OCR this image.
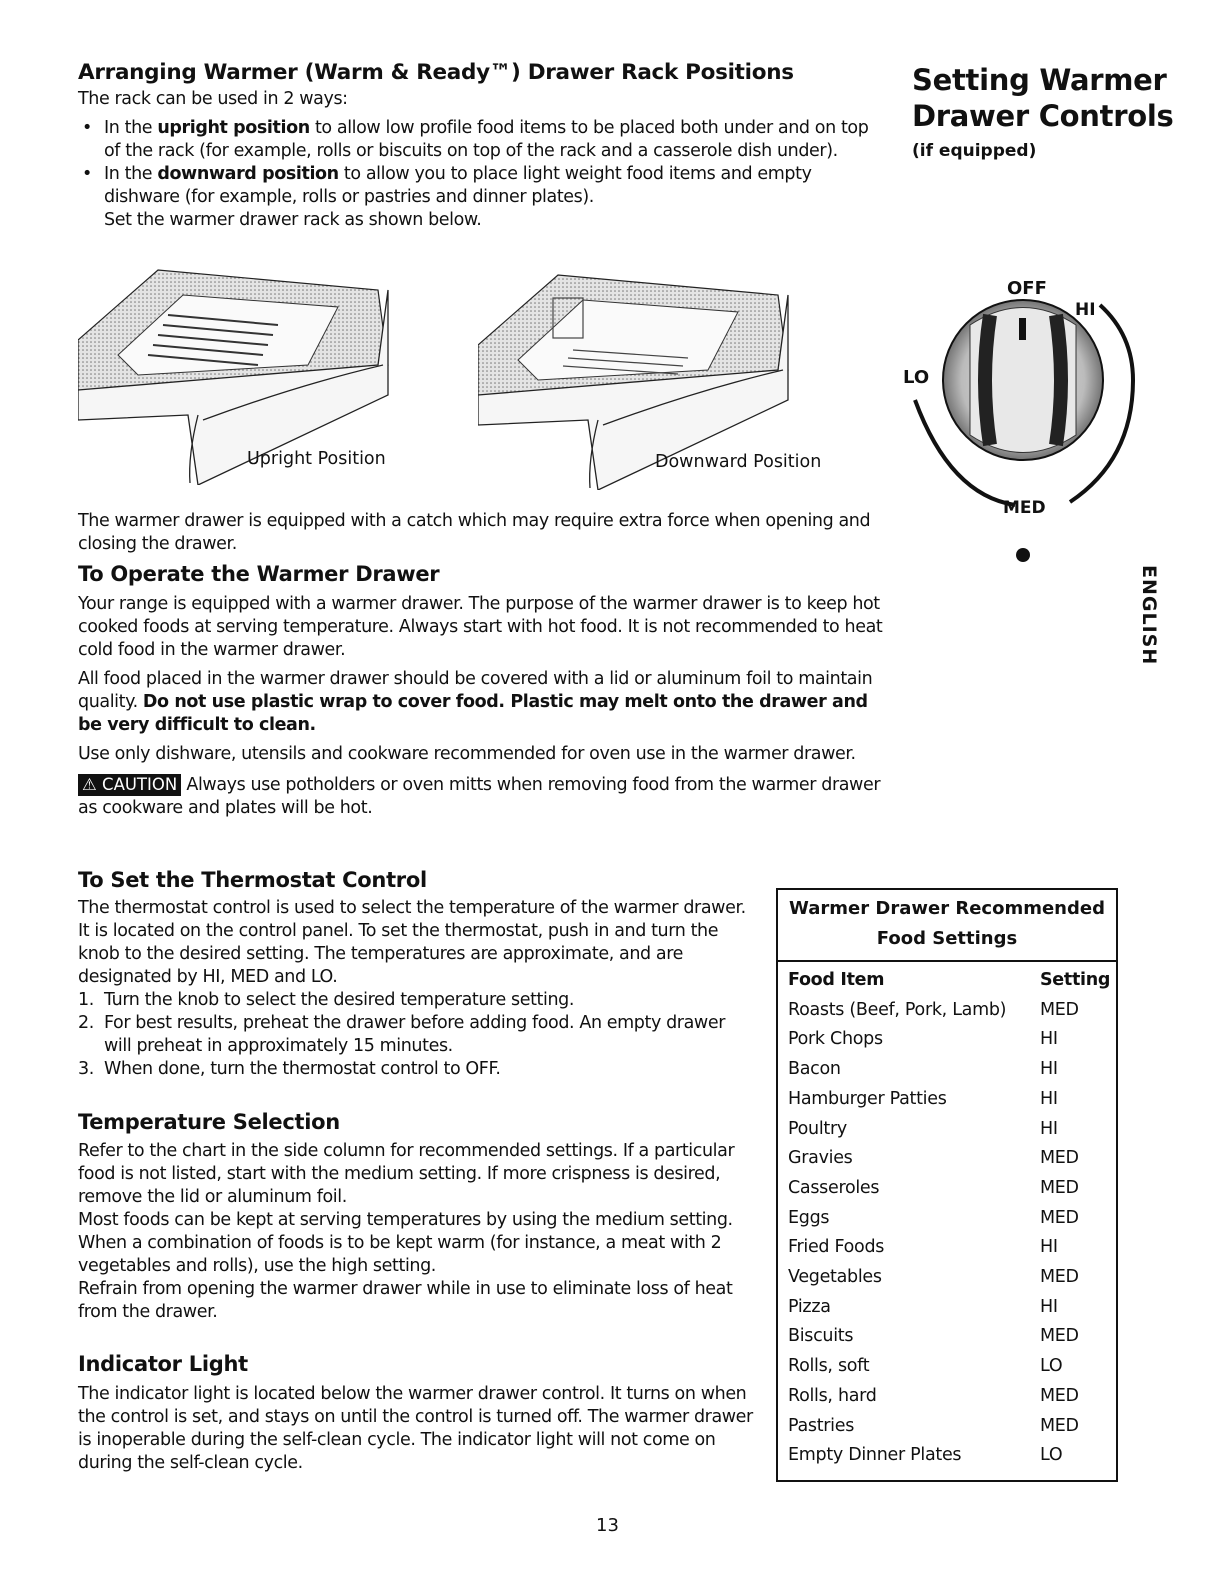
Arranging Warmer (Warm & Ready™) Drawer Rack Positions

The rack can be used in 2 ways:

• In the upright position to allow low profile food items to be placed both under and on top of the rack (for example, rolls or biscuits on top of the rack and a casserole dish under).
• In the downward position to allow you to place light weight food items and empty dishware (for example, rolls or pastries and dinner plates).

Set the warmer drawer rack as shown below.

Upright Position	Downward Position

The warmer drawer is equipped with a catch which may require extra force when opening and closing the drawer.

To Operate the Warmer Drawer

Your range is equipped with a warmer drawer. The purpose of the warmer drawer is to keep hot cooked foods at serving temperature. Always start with hot food. It is not recommended to heat cold food in the warmer drawer.

All food placed in the warmer drawer should be covered with a lid or aluminum foil to maintain quality. Do not use plastic wrap to cover food. Plastic may melt onto the drawer and be very difficult to clean.

Use only dishware, utensils and cookware recommended for oven use in the warmer drawer.

⚠ CAUTION Always use potholders or oven mitts when removing food from the warmer drawer as cookware and plates will be hot.

To Set the Thermostat Control

The thermostat control is used to select the temperature of the warmer drawer. It is located on the control panel. To set the thermostat, push in and turn the knob to the desired setting. The temperatures are approximate, and are designated by HI, MED and LO.

1. Turn the knob to select the desired temperature setting.
2. For best results, preheat the drawer before adding food. An empty drawer will preheat in approximately 15 minutes.
3. When done, turn the thermostat control to OFF.
Temperature Selection

Refer to the chart in the side column for recommended settings. If a particular food is not listed, start with the medium setting. If more crispness is desired, remove the lid or aluminum foil.

Most foods can be kept at serving temperatures by using the medium setting. When a combination of foods is to be kept warm (for instance, a meat with 2 vegetables and rolls), use the high setting.

Refrain from opening the warmer drawer while in use to eliminate loss of heat from the drawer.

Indicator Light

The indicator light is located below the warmer drawer control. It turns on when the control is set, and stays on until the control is turned off. The warmer drawer is inoperable during the self-clean cycle. The indicator light will not come on during the self-clean cycle.

Setting Warmer
Drawer Controls
(if equipped)
OFF
HI
LO
MED
ENGLISH
Warmer Drawer Recommended
Food Settings
Food Item	Setting
Roasts (Beef, Pork, Lamb) MED
Pork Chops	HI
Bacon	HI
Hamburger Patties	HI
Poultry	HI
Gravies	MED
Casseroles	MED
Eggs	MED
Fried Foods	HI
Vegetables	MED
Pizza	HI
Biscuits	MED
Rolls, soft	LO
Rolls, hard	MED
Pastries	MED
Empty Dinner Plates	LO
13
